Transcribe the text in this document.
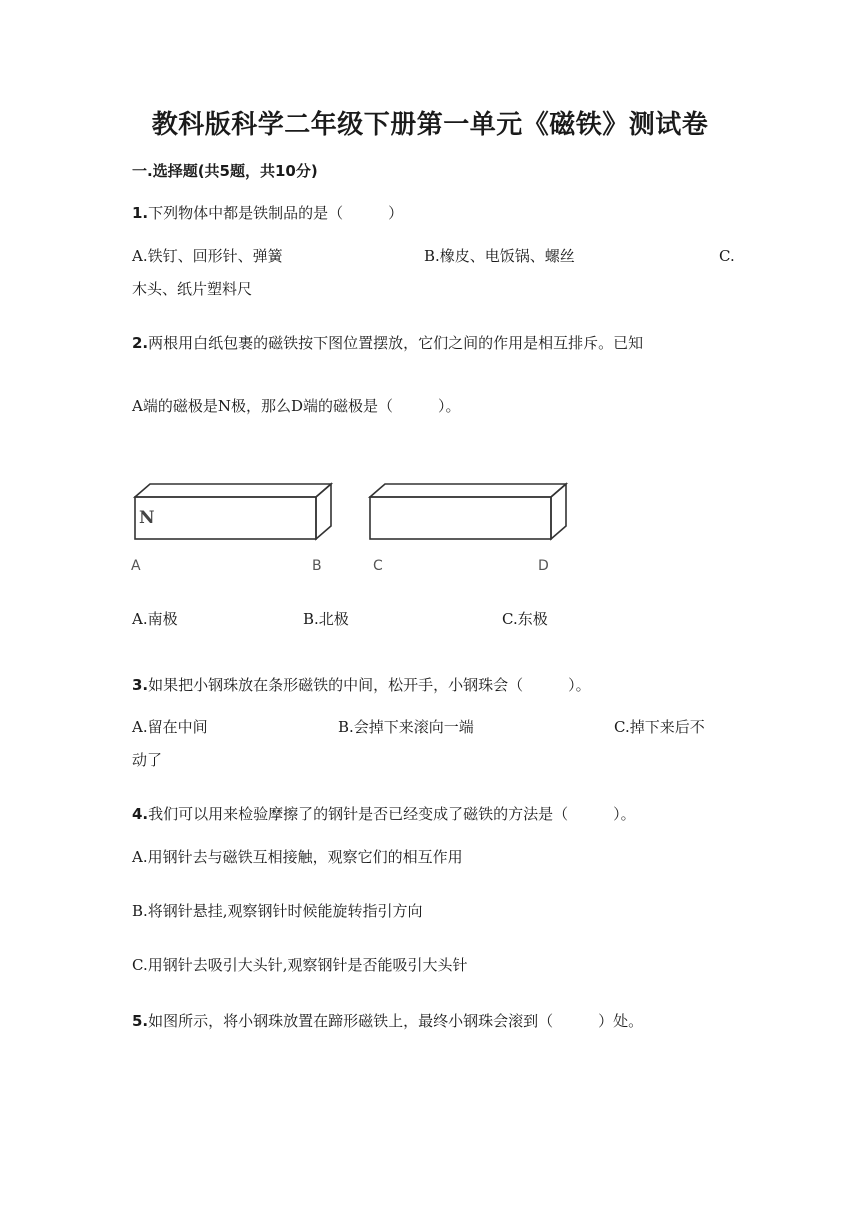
教科版科学二年级下册第一单元《磁铁》测试卷
一.选择题(共5题，共10分)
1.下列物体中都是铁制品的是（　　　）
A.铁钉、回形针、弹簧	B.橡皮、电饭锅、螺丝	C.
木头、纸片塑料尺
2.两根用白纸包裹的磁铁按下图位置摆放，它们之间的作用是相互排斥。已知
A端的磁极是N极，那么D端的磁极是（　　　）。
N
A	B	C	D
A.南极	B.北极	C.东极
3.如果把小钢珠放在条形磁铁的中间，松开手，小钢珠会（　　　）。
A.留在中间	B.会掉下来滚向一端	C.掉下来后不
动了
4.我们可以用来检验摩擦了的钢针是否已经变成了磁铁的方法是（　　　）。
A.用钢针去与磁铁互相接触，观察它们的相互作用
B.将钢针悬挂,观察钢针时候能旋转指引方向
C.用钢针去吸引大头针,观察钢针是否能吸引大头针
5.如图所示，将小钢珠放置在蹄形磁铁上，最终小钢珠会滚到（　　　）处。
